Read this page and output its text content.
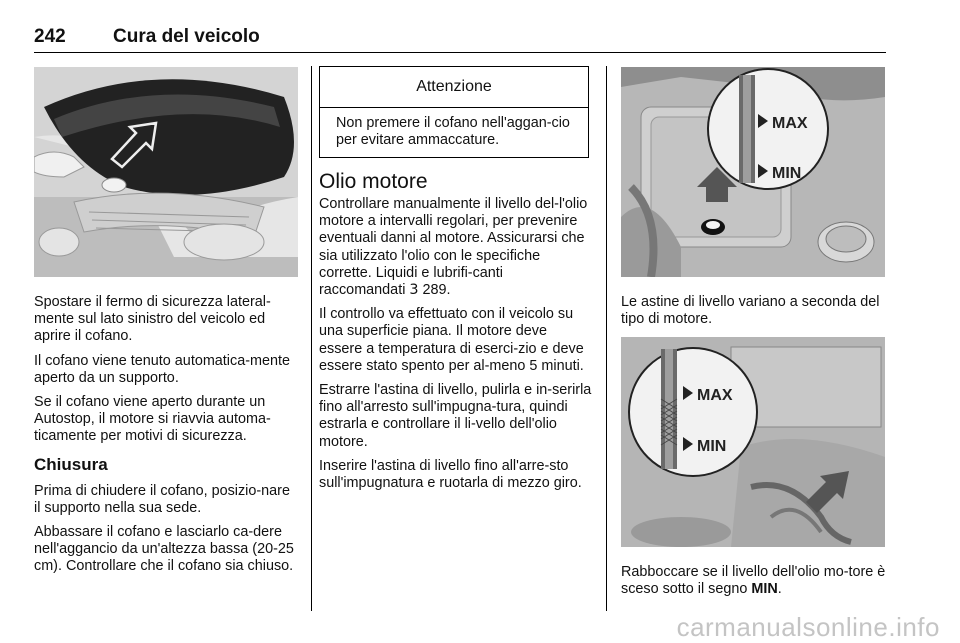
242 Cura del veicolo

Spostare il fermo di sicurezza lateral-mente sul lato sinistro del veicolo ed aprire il cofano.

Il cofano viene tenuto automatica-mente aperto da un supporto.

Se il cofano viene aperto durante un Autostop, il motore si riavvia automa-ticamente per motivi di sicurezza.

Chiusura

Prima di chiudere il cofano, posizio-nare il supporto nella sua sede.

Abbassare il cofano e lasciarlo ca-dere nell'aggancio da un'altezza bassa (20-25 cm). Controllare che il cofano sia chiuso.

Attenzione
Non premere il cofano nell'aggan-cio per evitare ammaccature.
Olio motore

Controllare manualmente il livello del-l'olio motore a intervalli regolari, per prevenire eventuali danni al motore. Assicurarsi che sia utilizzato l'olio con le specifiche corrette. Liquidi e lubrifi-canti raccomandati 3 289.

Il controllo va effettuato con il veicolo su una superficie piana. Il motore deve essere a temperatura di eserci-zio e deve essere stato spento per al-meno 5 minuti.

Estrarre l'astina di livello, pulirla e in-serirla fino all'arresto sull'impugna-tura, quindi estrarla e controllare il li-vello dell'olio motore.

Inserire l'astina di livello fino all'arre-sto sull'impugnatura e ruotarla di mezzo giro.

MAX
MIN

Le astine di livello variano a seconda del tipo di motore.

MAX
MIN

Rabboccare se il livello dell'olio mo-tore è sceso sotto il segno MIN.

carmanualsonline.info
